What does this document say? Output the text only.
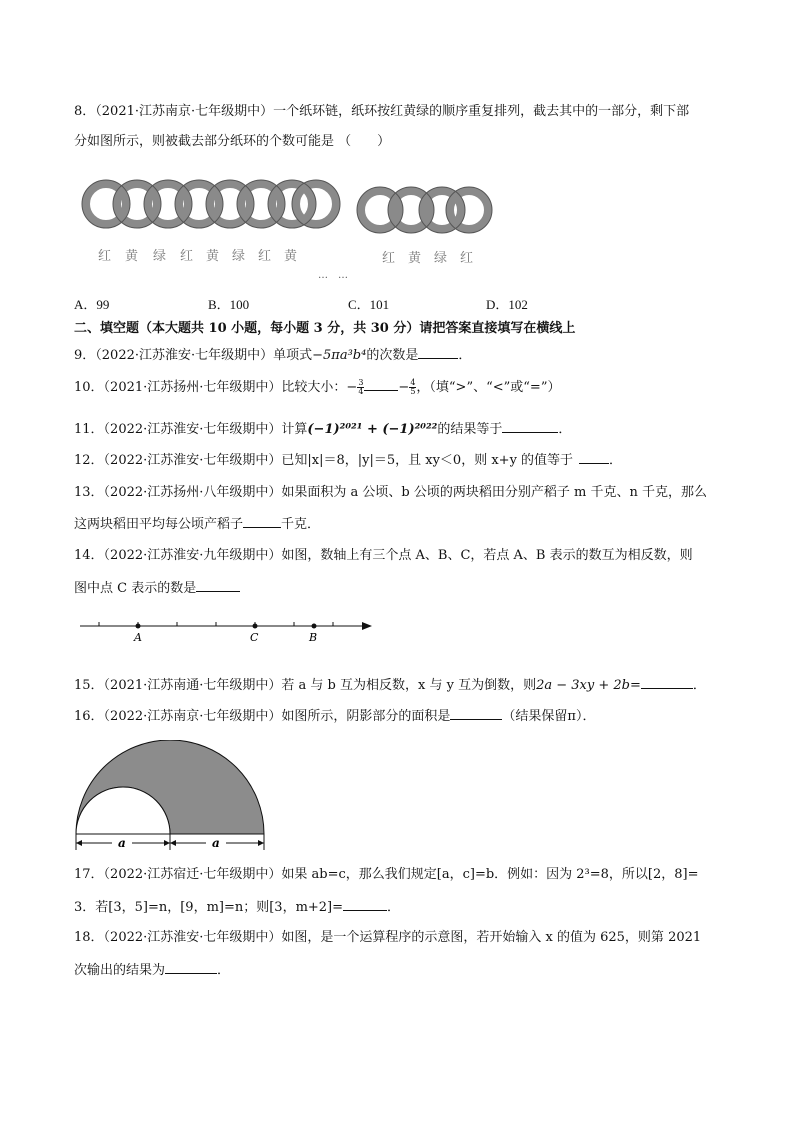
8．（2021·江苏南京·七年级期中）一个纸环链，纸环按红黄绿的顺序重复排列，截去其中的一部分，剩下部
分如图所示，则被截去部分纸环的个数可能是 （　　）
红 黄 绿 红 黄 绿 红 黄	红 黄 绿 红
…　…
A．99	B．100	C．101	D．102
二、填空题（本大题共 10 小题，每小题 3 分，共 30 分）请把答案直接填写在横线上
9．（2022·江苏淮安·七年级期中）单项式−5πa³b⁴的次数是	．
10．（2021·江苏扬州·七年级期中）比较大小：− $\frac{3}{4}$	− $\frac{4}{5}$ ，（填“>”、“<”或“=”）
11．（2022·江苏淮安·七年级期中）计算(−1)²⁰²¹ + (−1)²⁰²²的结果等于	．
12．（2022·江苏淮安·七年级期中）已知|x|＝8，|y|＝5，且 xy＜0，则 x+y 的值等于	．
13．（2022·江苏扬州·八年级期中）如果面积为 a 公顷、b 公顷的两块稻田分别产稻子 m 千克、n 千克，那么
这两块稻田平均每公顷产稻子	千克．
14．（2022·江苏淮安·九年级期中）如图，数轴上有三个点 A、B、C，若点 A、B 表示的数互为相反数，则
图中点 C 表示的数是
A	C	B
15．（2021·江苏南通·七年级期中）若 a 与 b 互为相反数，x 与 y 互为倒数，则2a − 3xy + 2b=	．
16．（2022·江苏南京·七年级期中）如图所示，阴影部分的面积是	（结果保留π）．
a	a
17．（2022·江苏宿迁·七年级期中）如果 ab=c，那么我们规定[a，c]=b．例如：因为 2³=8，所以[2，8]=
3．若[3，5]=n，[9，m]=n；则[3，m+2]=	．
18．（2022·江苏淮安·七年级期中）如图，是一个运算程序的示意图，若开始输入 x 的值为 625，则第 2021
次输出的结果为	．
